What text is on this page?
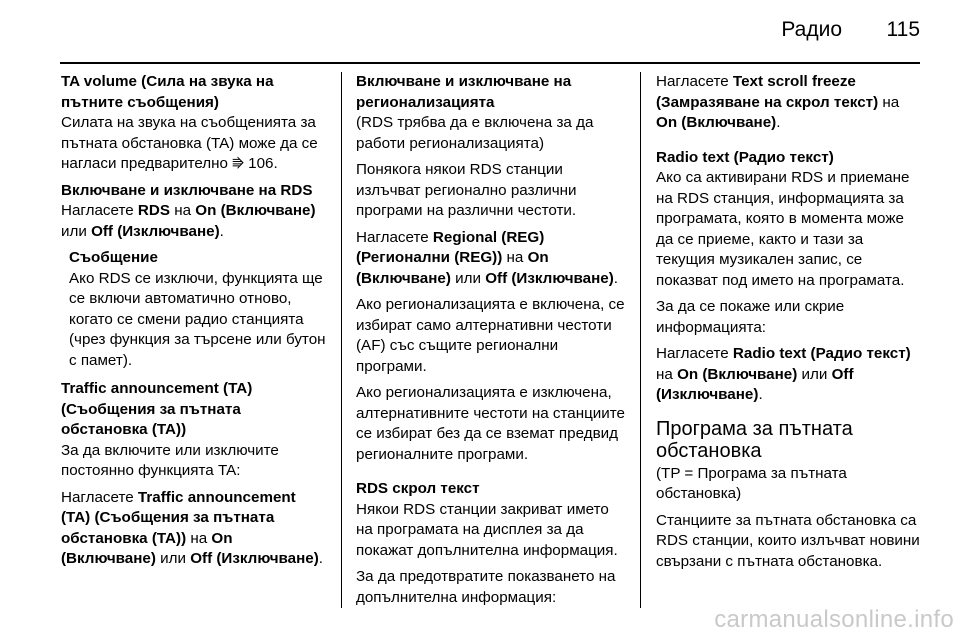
Радио 115
TA volume (Сила на звука на пътните съобщения)

Силата на звука на съобщенията за пътната обстановка (TA) може да се нагласи предварително ⭆ 106.

Включване и изключване на RDS

Нагласете RDS на On (Включване) или Off (Изключване).

Съобщение
Ако RDS се изключи, функцията ще се включи автоматично отново, когато се смени радио станцията (чрез функция за търсене или бутон с памет).
Traffic announcement (TA) (Съобщения за пътната обстановка (TA))

За да включите или изключите постоянно функцията TA:

Нагласете Traffic announcement (TA) (Съобщения за пътната обстановка (TA)) на On (Включване) или Off (Изключване).

Включване и изключване на регионализацията

(RDS трябва да е включена за да работи регионализацията)

Понякога някои RDS станции излъчват регионално различни програми на различни честоти.

Нагласете Regional (REG) (Регионални (REG)) на On (Включване) или Off (Изключване).

Ако регионализацията е включена, се избират само алтернативни честоти (AF) със същите регионални програми.

Ако регионализацията е изключена, алтернативните честоти на станциите се избират без да се вземат предвид регионалните програми.

RDS скрол текст

Някои RDS станции закриват името на програмата на дисплея за да покажат допълнителна информация.

За да предотвратите показването на допълнителна информация:

Нагласете Text scroll freeze (Замразяване на скрол текст) на On (Включване).

Radio text (Радио текст)

Ако са активирани RDS и приемане на RDS станция, информацията за програмата, която в момента може да се приеме, както и тази за текущия музикален запис, се показват под името на програмата.

За да се покаже или скрие информацията:

Нагласете Radio text (Радио текст) на On (Включване) или Off (Изключване).

Програма за пътната обстановка

(TP = Програма за пътната обстановка)

Станциите за пътната обстановка са RDS станции, които излъчват новини свързани с пътната обстановка.

carmanualsonline.info
